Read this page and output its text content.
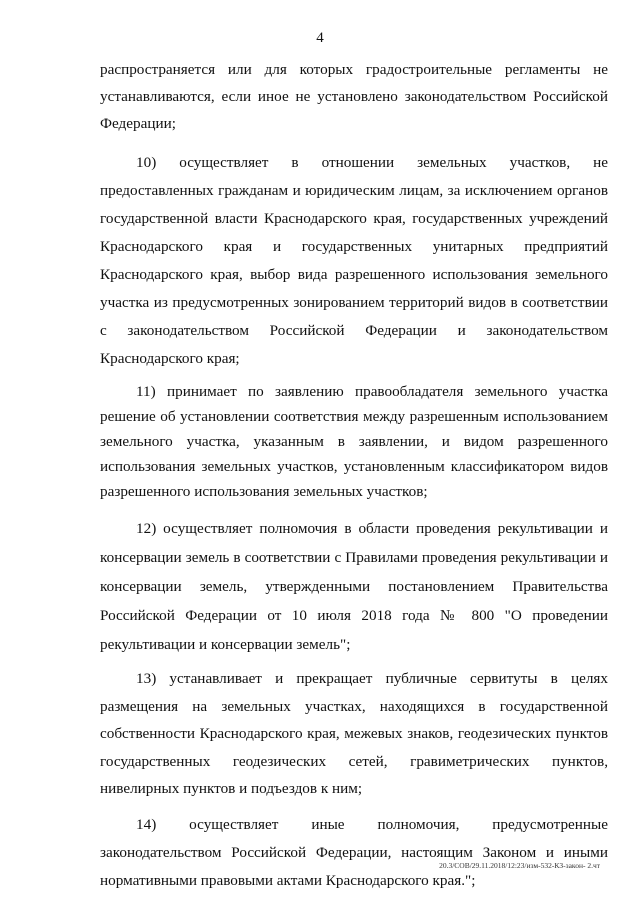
4

распространяется или для которых градостроительные регламенты не устанавливаются, если иное не установлено законодательством Российской Федерации;

10) осуществляет в отношении земельных участков, не предоставленных гражданам и юридическим лицам, за исключением органов государственной власти Краснодарского края, государственных учреждений Краснодарского края и государственных унитарных предприятий Краснодарского края, выбор вида разрешенного использования земельного участка из предусмотренных зонированием территорий видов в соответствии с законодательством Российской Федерации и законодательством Краснодарского края;

11) принимает по заявлению правообладателя земельного участка решение об установлении соответствия между разрешенным использованием земельного участка, указанным в заявлении, и видом разрешенного использования земельных участков, установленным классификатором видов разрешенного использования земельных участков;

12) осуществляет полномочия в области проведения рекультивации и консервации земель в соответствии с Правилами проведения рекультивации и консервации земель, утвержденными постановлением Правительства Российской Федерации от 10 июля 2018 года № 800 "О проведении рекультивации и консервации земель";

13) устанавливает и прекращает публичные сервитуты в целях размещения на земельных участках, находящихся в государственной собственности Краснодарского края, межевых знаков, геодезических пунктов государственных геодезических сетей, гравиметрических пунктов, нивелирных пунктов и подъездов к ним;

14) осуществляет иные полномочия, предусмотренные законодательством Российской Федерации, настоящим Законом и иными нормативными правовыми актами Краснодарского края.";

20.3/СОВ/29.11.2018/12:23/изм-532-КЗ-закон- 2.чт
